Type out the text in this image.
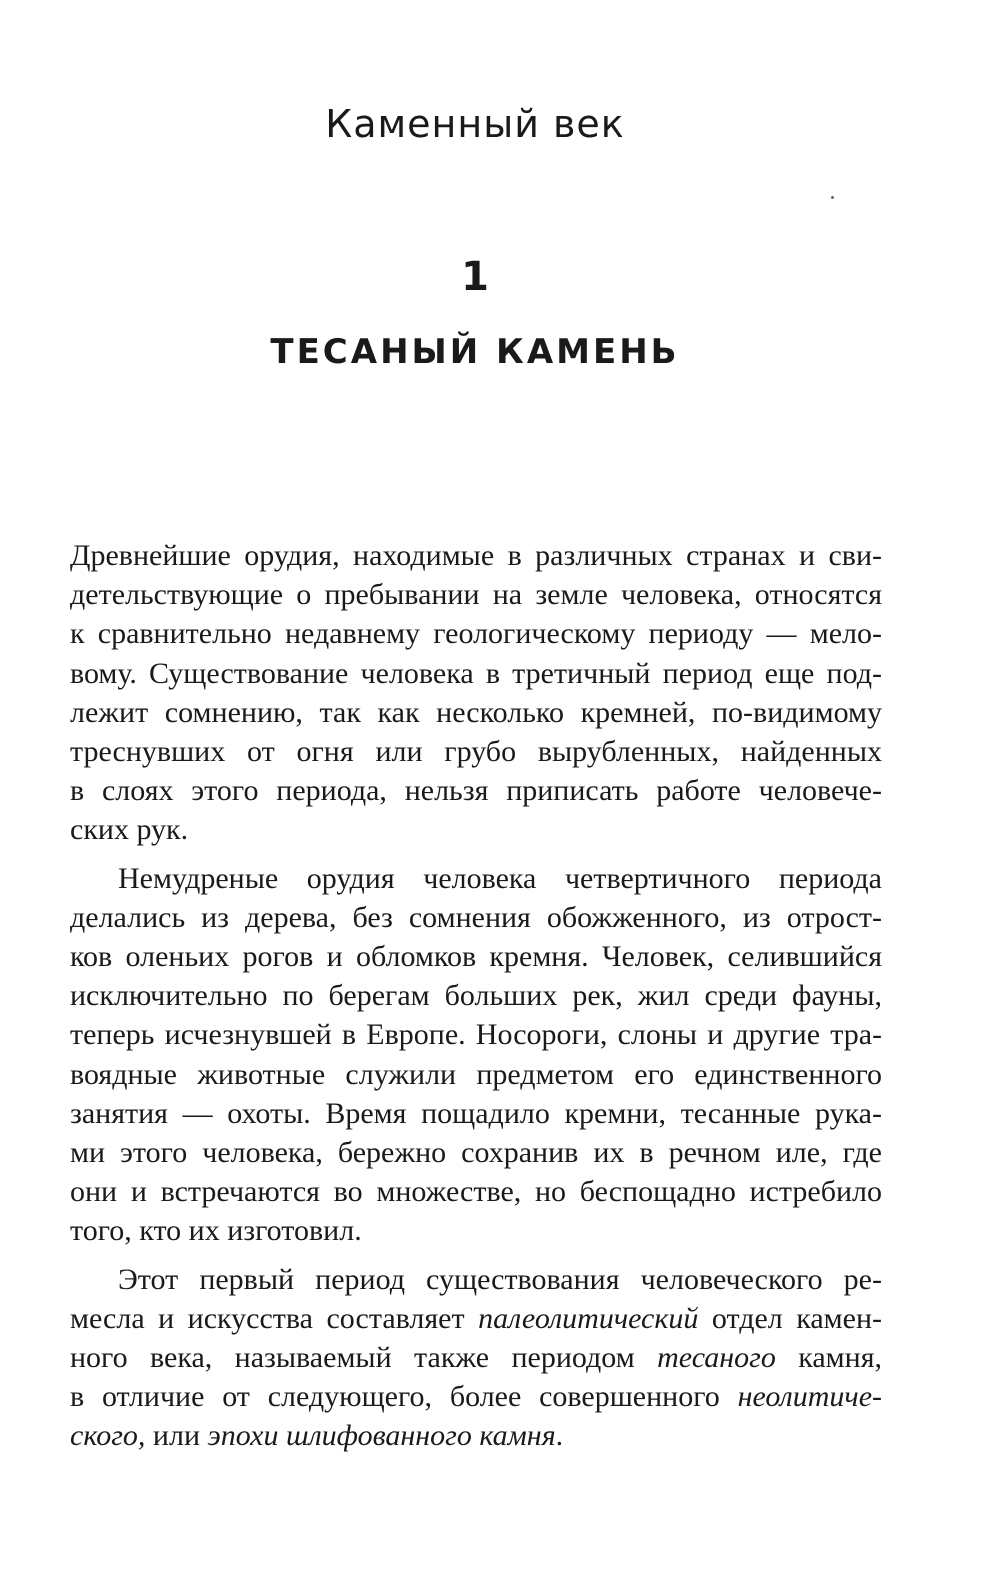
Каменный век
1
ТЕСАНЫЙ КАМЕНЬ

Древнейшие орудия, находимые в различных странах и сви-
детельствующие о пребывании на земле человека, относятся
к сравнительно недавнему геологическому периоду — мело-
вому. Существование человека в третичный период еще под-
лежит сомнению, так как несколько кремней, по-видимому
треснувших от огня или грубо вырубленных, найденных
в слоях этого периода, нельзя приписать работе человече-
ских рук.

Немудреные орудия человека четвертичного периода
делались из дерева, без сомнения обожженного, из отрост-
ков оленьих рогов и обломков кремня. Человек, селившийся
исключительно по берегам больших рек, жил среди фауны,
теперь исчезнувшей в Европе. Носороги, слоны и другие тра-
воядные животные служили предметом его единственного
занятия — охоты. Время пощадило кремни, тесанные рука-
ми этого человека, бережно сохранив их в речном иле, где
они и встречаются во множестве, но беспощадно истребило
того, кто их изготовил.

Этот первый период существования человеческого ре-
месла и искусства составляет палеолитический отдел камен-
ного века, называемый также периодом тесаного камня,
в отличие от следующего, более совершенного неолитиче-
ского, или эпохи шлифованного камня.
